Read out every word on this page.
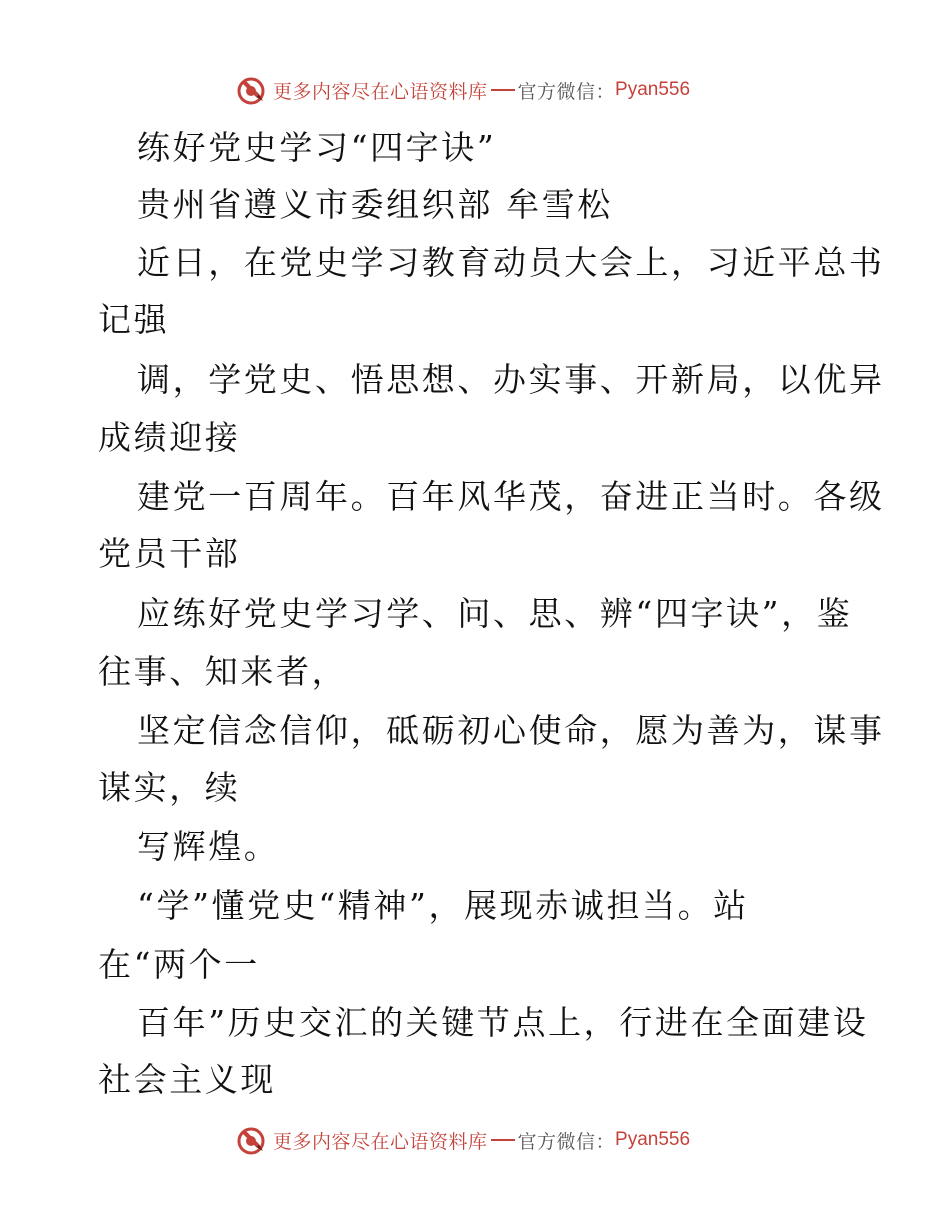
更多内容尽在心语资料库 官方微信： Pyan556
练好党史学习“四字诀”
贵州省遵义市委组织部 牟雪松
近日，在党史学习教育动员大会上，习近平总书
记强
调，学党史、悟思想、办实事、开新局，以优异
成绩迎接
建党一百周年。百年风华茂，奋进正当时。各级
党员干部
应练好党史学习学、问、思、辨“四字诀”，鉴
往事、知来者，
坚定信念信仰，砥砺初心使命，愿为善为，谋事
谋实，续
写辉煌。
“学”懂党史“精神”，展现赤诚担当。站
在“两个一
百年”历史交汇的关键节点上，行进在全面建设
社会主义现
更多内容尽在心语资料库 官方微信： Pyan556
